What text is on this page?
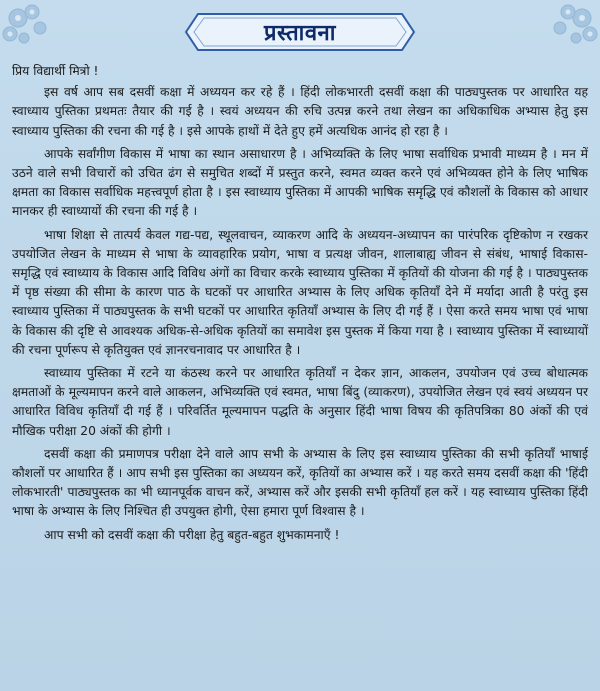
प्रस्तावना

प्रिय विद्यार्थी मित्रो !

इस वर्ष आप सब दसवीं कक्षा में अध्ययन कर रहे हैं । हिंदी लोकभारती दसवीं कक्षा की पाठ्यपुस्तक पर आधारित यह स्वाध्याय पुस्तिका प्रथमतः तैयार की गई है । स्वयं अध्ययन की रुचि उत्पन्न करने तथा लेखन का अधिकाधिक अभ्यास हेतु इस स्वाध्याय पुस्तिका की रचना की गई है । इसे आपके हाथों में देते हुए हमें अत्यधिक आनंद हो रहा है ।

आपके सर्वांगीण विकास में भाषा का स्थान असाधारण है । अभिव्यक्ति के लिए भाषा सर्वाधिक प्रभावी माध्यम है । मन में उठने वाले सभी विचारों को उचित ढंग से समुचित शब्दों में प्रस्तुत करने, स्वमत व्यक्त करने एवं अभिव्यक्त होने के लिए भाषिक क्षमता का विकास सर्वाधिक महत्त्वपूर्ण होता है । इस स्वाध्याय पुस्तिका में आपकी भाषिक समृद्धि एवं कौशलों के विकास को आधार मानकर ही स्वाध्यायों की रचना की गई है ।

भाषा शिक्षा से तात्पर्य केवल गद्य-पद्य, स्थूलवाचन, व्याकरण आदि के अध्ययन-अध्यापन का पारंपरिक दृष्टिकोण न रखकर उपयोजित लेखन के माध्यम से भाषा के व्यावहारिक प्रयोग, भाषा व प्रत्यक्ष जीवन, शालाबाह्य जीवन से संबंध, भाषाई विकास-समृद्धि एवं स्वाध्याय के विकास आदि विविध अंगों का विचार करके स्वाध्याय पुस्तिका में कृतियों की योजना की गई है । पाठ्यपुस्तक में पृष्ठ संख्या की सीमा के कारण पाठ के घटकों पर आधारित अभ्यास के लिए अधिक कृतियाँ देने में मर्यादा आती है परंतु इस स्वाध्याय पुस्तिका में पाठ्यपुस्तक के सभी घटकों पर आधारित कृतियाँ अभ्यास के लिए दी गई हैं । ऐसा करते समय भाषा एवं भाषा के विकास की दृष्टि से आवश्यक अधिक-से-अधिक कृतियों का समावेश इस पुस्तक में किया गया है । स्वाध्याय पुस्तिका में स्वाध्यायों की रचना पूर्णरूप से कृतियुक्त एवं ज्ञानरचनावाद पर आधारित है ।

स्वाध्याय पुस्तिका में रटने या कंठस्थ करने पर आधारित कृतियाँ न देकर ज्ञान, आकलन, उपयोजन एवं उच्च बोधात्मक क्षमताओं के मूल्यमापन करने वाले आकलन, अभिव्यक्ति एवं स्वमत, भाषा बिंदु (व्याकरण), उपयोजित लेखन एवं स्वयं अध्ययन पर आधारित विविध कृतियाँ दी गई हैं । परिवर्तित मूल्यमापन पद्धति के अनुसार हिंदी भाषा विषय की कृतिपत्रिका 80 अंकों की एवं मौखिक परीक्षा 20 अंकों की होगी ।

दसवीं कक्षा की प्रमाणपत्र परीक्षा देने वाले आप सभी के अभ्यास के लिए इस स्वाध्याय पुस्तिका की सभी कृतियाँ भाषाई कौशलों पर आधारित हैं । आप सभी इस पुस्तिका का अध्ययन करें, कृतियों का अभ्यास करें । यह करते समय दसवीं कक्षा की 'हिंदी लोकभारती' पाठ्यपुस्तक का भी ध्यानपूर्वक वाचन करें, अभ्यास करें और इसकी सभी कृतियाँ हल करें । यह स्वाध्याय पुस्तिका हिंदी भाषा के अभ्यास के लिए निश्चित ही उपयुक्त होगी, ऐसा हमारा पूर्ण विश्वास है ।

आप सभी को दसवीं कक्षा की परीक्षा हेतु बहुत-बहुत शुभकामनाएँ !
